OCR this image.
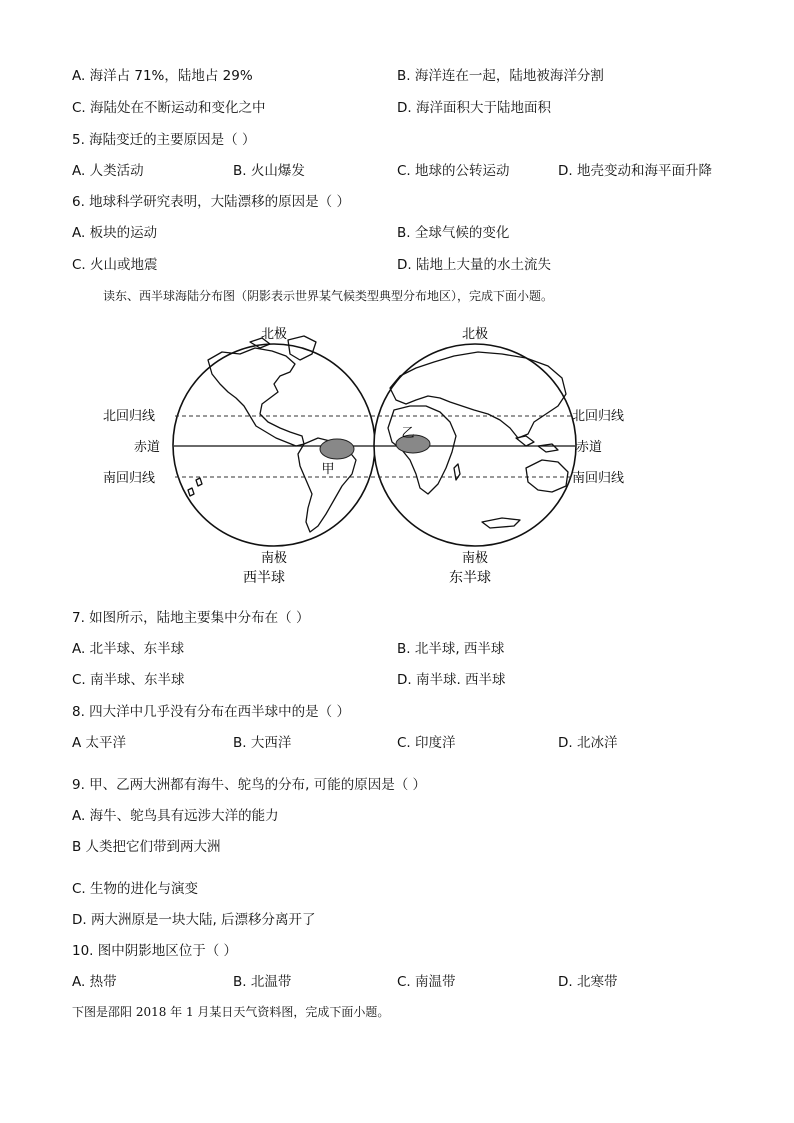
A. 海洋占 71%，陆地占 29%	B. 海洋连在一起，陆地被海洋分割
C. 海陆处在不断运动和变化之中	D. 海洋面积大于陆地面积
5. 海陆变迁的主要原因是（ ）
A. 人类活动	B. 火山爆发	C. 地球的公转运动	D. 地壳变动和海平面升降
6. 地球科学研究表明，大陆漂移的原因是（ ）
A. 板块的运动	B. 全球气候的变化
C. 火山或地震	D. 陆地上大量的水土流失
读东、西半球海陆分布图（阴影表示世界某气候类型典型分布地区），完成下面小题。
北极	北极
北回归线	北回归线
赤道	赤道
南回归线	南回归线
甲
乙
南极	南极
西半球	东半球
7. 如图所示，陆地主要集中分布在（ ）
A. 北半球、东半球	B. 北半球, 西半球
C. 南半球、东半球	D. 南半球. 西半球
8. 四大洋中几乎没有分布在西半球中的是（ ）
A 太平洋	B. 大西洋	C. 印度洋	D. 北冰洋
9. 甲、乙两大洲都有海牛、鸵鸟的分布, 可能的原因是（ ）
A. 海牛、鸵鸟具有远涉大洋的能力
B 人类把它们带到两大洲
C. 生物的进化与演变
D. 两大洲原是一块大陆, 后漂移分离开了
10. 图中阴影地区位于（ ）
A. 热带	B. 北温带	C. 南温带	D. 北寒带
下图是邵阳 2018 年 1 月某日天气资料图，完成下面小题。
